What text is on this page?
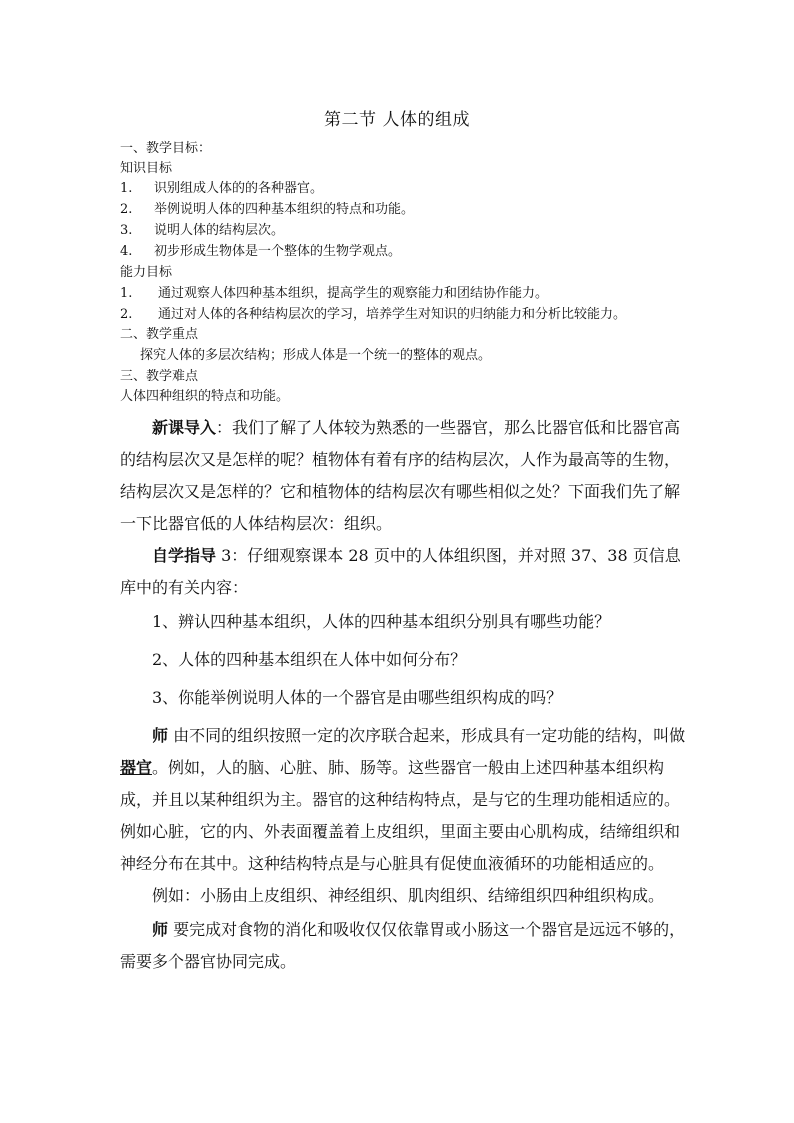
第二节 人体的组成
一、教学目标：
知识目标
1. 识别组成人体的的各种器官。
2. 举例说明人体的四种基本组织的特点和功能。
3. 说明人体的结构层次。
4. 初步形成生物体是一个整体的生物学观点。
能力目标
1. 通过观察人体四种基本组织，提高学生的观察能力和团结协作能力。
2. 通过对人体的各种结构层次的学习，培养学生对知识的归纳能力和分析比较能力。
二、教学重点
探究人体的多层次结构；形成人体是一个统一的整体的观点。
三、教学难点
人体四种组织的特点和功能。
新课导入：我们了解了人体较为熟悉的一些器官，那么比器官低和比器官高的结构层次又是怎样的呢？植物体有着有序的结构层次，人作为最高等的生物，结构层次又是怎样的？它和植物体的结构层次有哪些相似之处？下面我们先了解一下比器官低的人体结构层次：组织。
自学指导 3：仔细观察课本 28 页中的人体组织图，并对照 37、38 页信息库中的有关内容：
1、辨认四种基本组织，人体的四种基本组织分别具有哪些功能？
2、人体的四种基本组织在人体中如何分布？
3、你能举例说明人体的一个器官是由哪些组织构成的吗？
师 由不同的组织按照一定的次序联合起来，形成具有一定功能的结构，叫做器官。例如，人的脑、心脏、肺、肠等。这些器官一般由上述四种基本组织构成，并且以某种组织为主。器官的这种结构特点，是与它的生理功能相适应的。例如心脏，它的内、外表面覆盖着上皮组织，里面主要由心肌构成，结缔组织和神经分布在其中。这种结构特点是与心脏具有促使血液循环的功能相适应的。
例如：小肠由上皮组织、神经组织、肌肉组织、结缔组织四种组织构成。
师 要完成对食物的消化和吸收仅仅依靠胃或小肠这一个器官是远远不够的，需要多个器官协同完成。
